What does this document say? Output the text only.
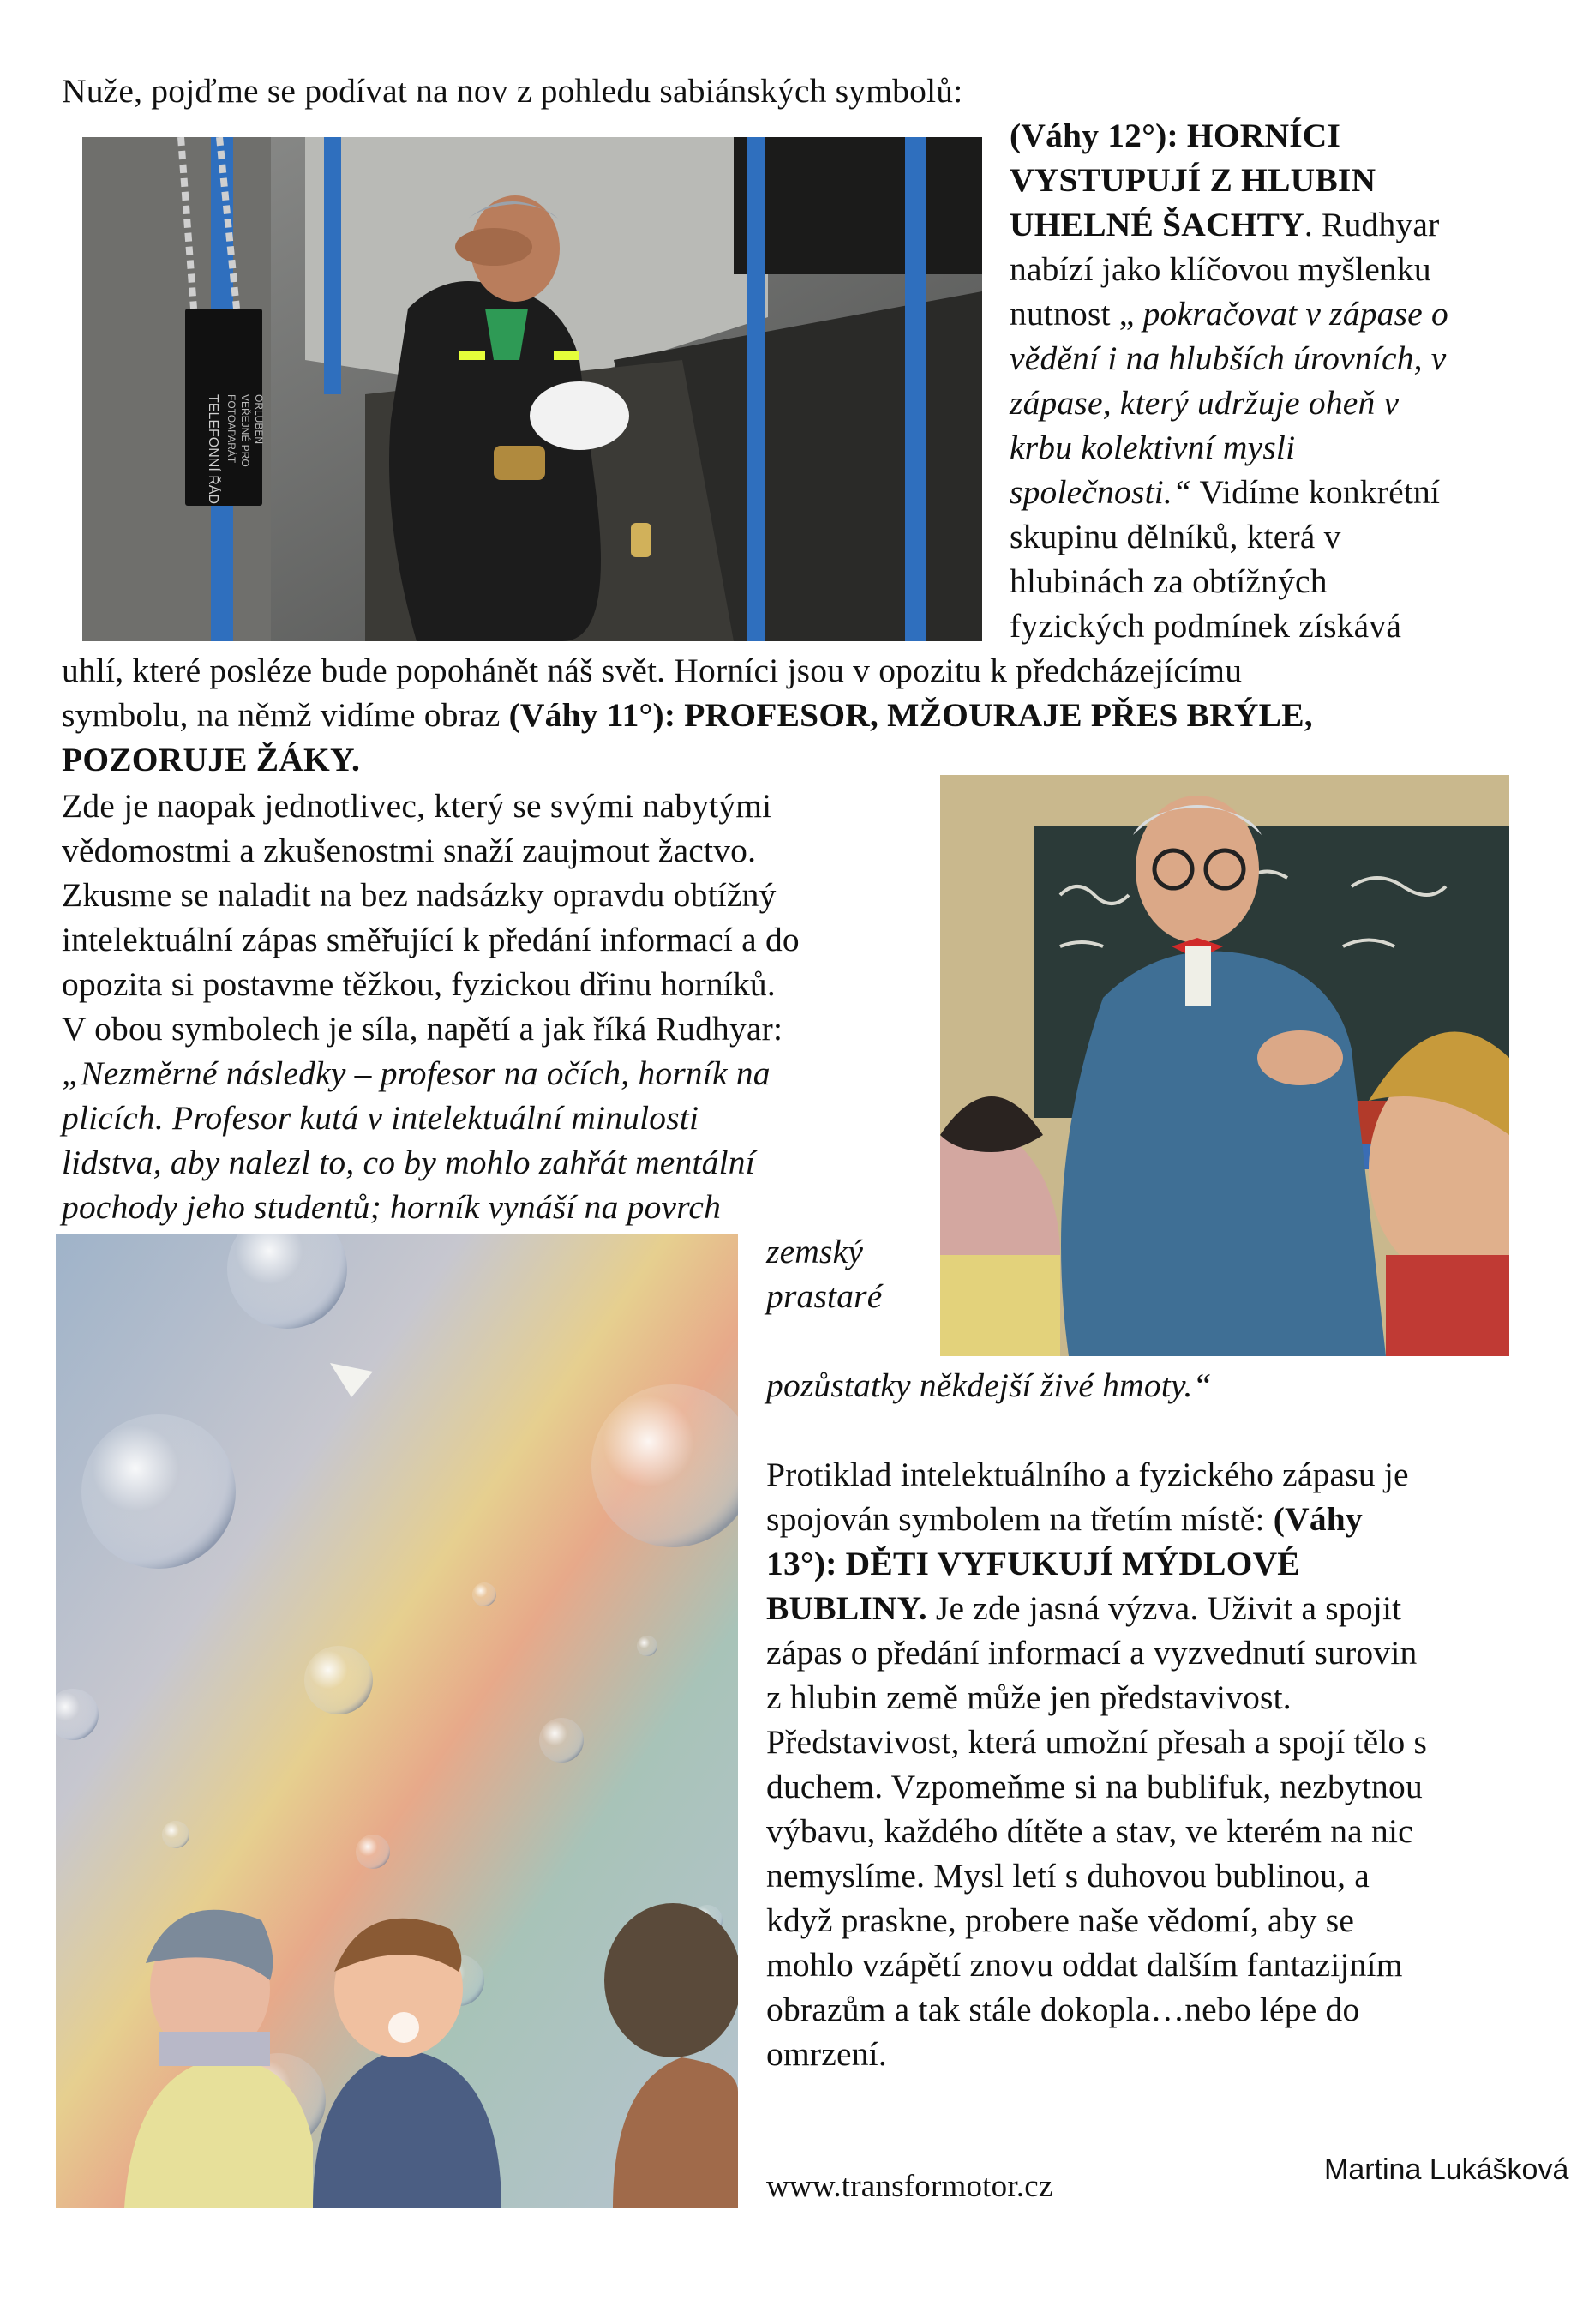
Nuže, pojďme se podívat na nov z pohledu sabiánských symbolů:
TELEFONNÍ ŘÁD FOTOAPARÁT VEŘEJNÉ PRO ORLUBEN
(Váhy 12°): HORNÍCI
VYSTUPUJÍ Z HLUBIN
UHELNÉ ŠACHTY. Rudhyar
nabízí jako klíčovou myšlenku
nutnost „ pokračovat v zápase o
vědění i na hlubších úrovních, v
zápase, který udržuje oheň v
krbu kolektivní mysli
společnosti.“ Vidíme konkrétní
skupinu dělníků, která v
hlubinách za obtížných
fyzických podmínek získává
uhlí, které posléze bude popohánět náš svět. Horníci jsou v opozitu k předcházejícímu
symbolu, na němž vidíme obraz (Váhy 11°): PROFESOR, MŽOURAJE PŘES BRÝLE,
POZORUJE ŽÁKY.
Zde je naopak jednotlivec, který se svými nabytými
vědomostmi a zkušenostmi snaží zaujmout žactvo.
Zkusme se naladit na bez nadsázky opravdu obtížný
intelektuální zápas směřující k předání informací a do
opozita si postavme těžkou, fyzickou dřinu horníků.
V obou symbolech je síla, napětí a jak říká Rudhyar:
„Nezměrné následky – profesor na očích, horník na
plicích. Profesor kutá v intelektuální minulosti
lidstva, aby nalezl to, co by mohlo zahřát mentální
pochody jeho studentů; horník vynáší na povrch
zemský
prastaré
pozůstatky někdejší živé hmoty.“
Protiklad intelektuálního a fyzického zápasu je
spojován symbolem na třetím místě: (Váhy
13°): DĚTI VYFUKUJÍ MÝDLOVÉ
BUBLINY. Je zde jasná výzva. Uživit a spojit
zápas o předání informací a vyzvednutí surovin
z hlubin země může jen představivost.
Představivost, která umožní přesah a spojí tělo s
duchem. Vzpomeňme si na bublifuk, nezbytnou
výbavu, každého dítěte a stav, ve kterém na nic
nemyslíme. Mysl letí s duhovou bublinou, a
když praskne, probere naše vědomí, aby se
mohlo vzápětí znovu oddat dalším fantazijním
obrazům a tak stále dokopla…nebo lépe do
omrzení.
www.transformotor.cz	Martina Lukášková
